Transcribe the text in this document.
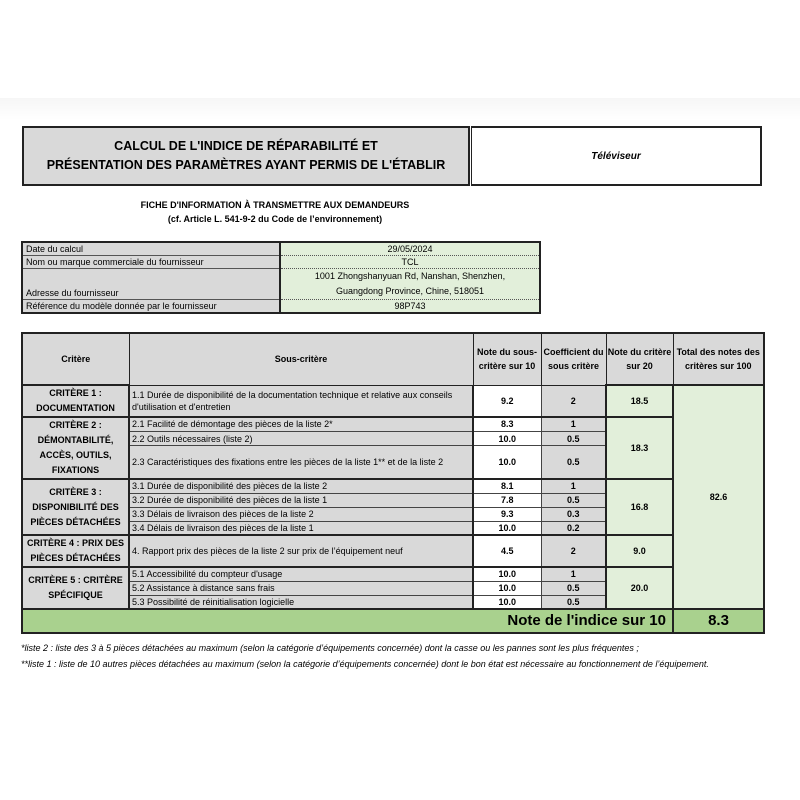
CALCUL DE L'INDICE DE RÉPARABILITÉ ET
PRÉSENTATION DES PARAMÈTRES AYANT PERMIS DE L'ÉTABLIR
Téléviseur
FICHE D'INFORMATION À TRANSMETTRE AUX DEMANDEURS
(cf. Article L. 541-9-2 du Code de l’environnement)
Date du calcul	29/05/2024
Nom ou marque commerciale du fournisseur	TCL
Adresse du fournisseur	1001 Zhongshanyuan Rd, Nanshan, Shenzhen,
Guangdong Province, Chine, 518051

Référence du modèle donnée par le fournisseur	98P743
Critère	Sous-critère	Note du sous-critère sur 10	Coefficient du sous critère	Note du critère sur 20	Total des notes des critères sur 100
CRITÈRE 1 : DOCUMENTATION	1.1 Durée de disponibilité de la documentation technique et relative aux conseils d'utilisation et d'entretien	9.2	2	18.5	82.6
CRITÈRE 2 : DÉMONTABILITÉ, ACCÈS, OUTILS, FIXATIONS	2.1 Facilité de démontage des pièces de la liste 2*	8.3	1	18.3	
	2.2 Outils nécessaires (liste 2)	10.0	0.5		
	2.3 Caractéristiques des fixations entre les pièces de la liste 1** et de la liste 2	10.0	0.5		
CRITÈRE 3 : DISPONIBILITÉ DES PIÈCES DÉTACHÉES	3.1 Durée de disponibilité des pièces de la liste 2	8.1	1	16.8	
	3.2 Durée de disponibilité des pièces de la liste 1	7.8	0.5		
	3.3 Délais de livraison des pièces de la liste 2	9.3	0.3		
	3.4 Délais de livraison des pièces de la liste 1	10.0	0.2		
CRITÈRE 4 : PRIX DES PIÈCES DÉTACHÉES	4. Rapport prix des pièces de la liste 2 sur prix de l’équipement neuf	4.5	2	9.0	
CRITÈRE 5 : CRITÈRE SPÉCIFIQUE	5.1 Accessibilité du compteur d'usage	10.0	1	20.0	
	5.2 Assistance à distance sans frais	10.0	0.5		
	5.3 Possibilité de réinitialisation logicielle	10.0	0.5		
Note de l'indice sur 10					8.3
*liste 2 : liste des 3 à 5 pièces détachées au maximum (selon la catégorie d’équipements concernée) dont la casse ou les pannes sont les plus fréquentes ;
**liste 1 : liste de 10 autres pièces détachées au maximum (selon la catégorie d’équipements concernée) dont le bon état est nécessaire au fonctionnement de l’équipement.
